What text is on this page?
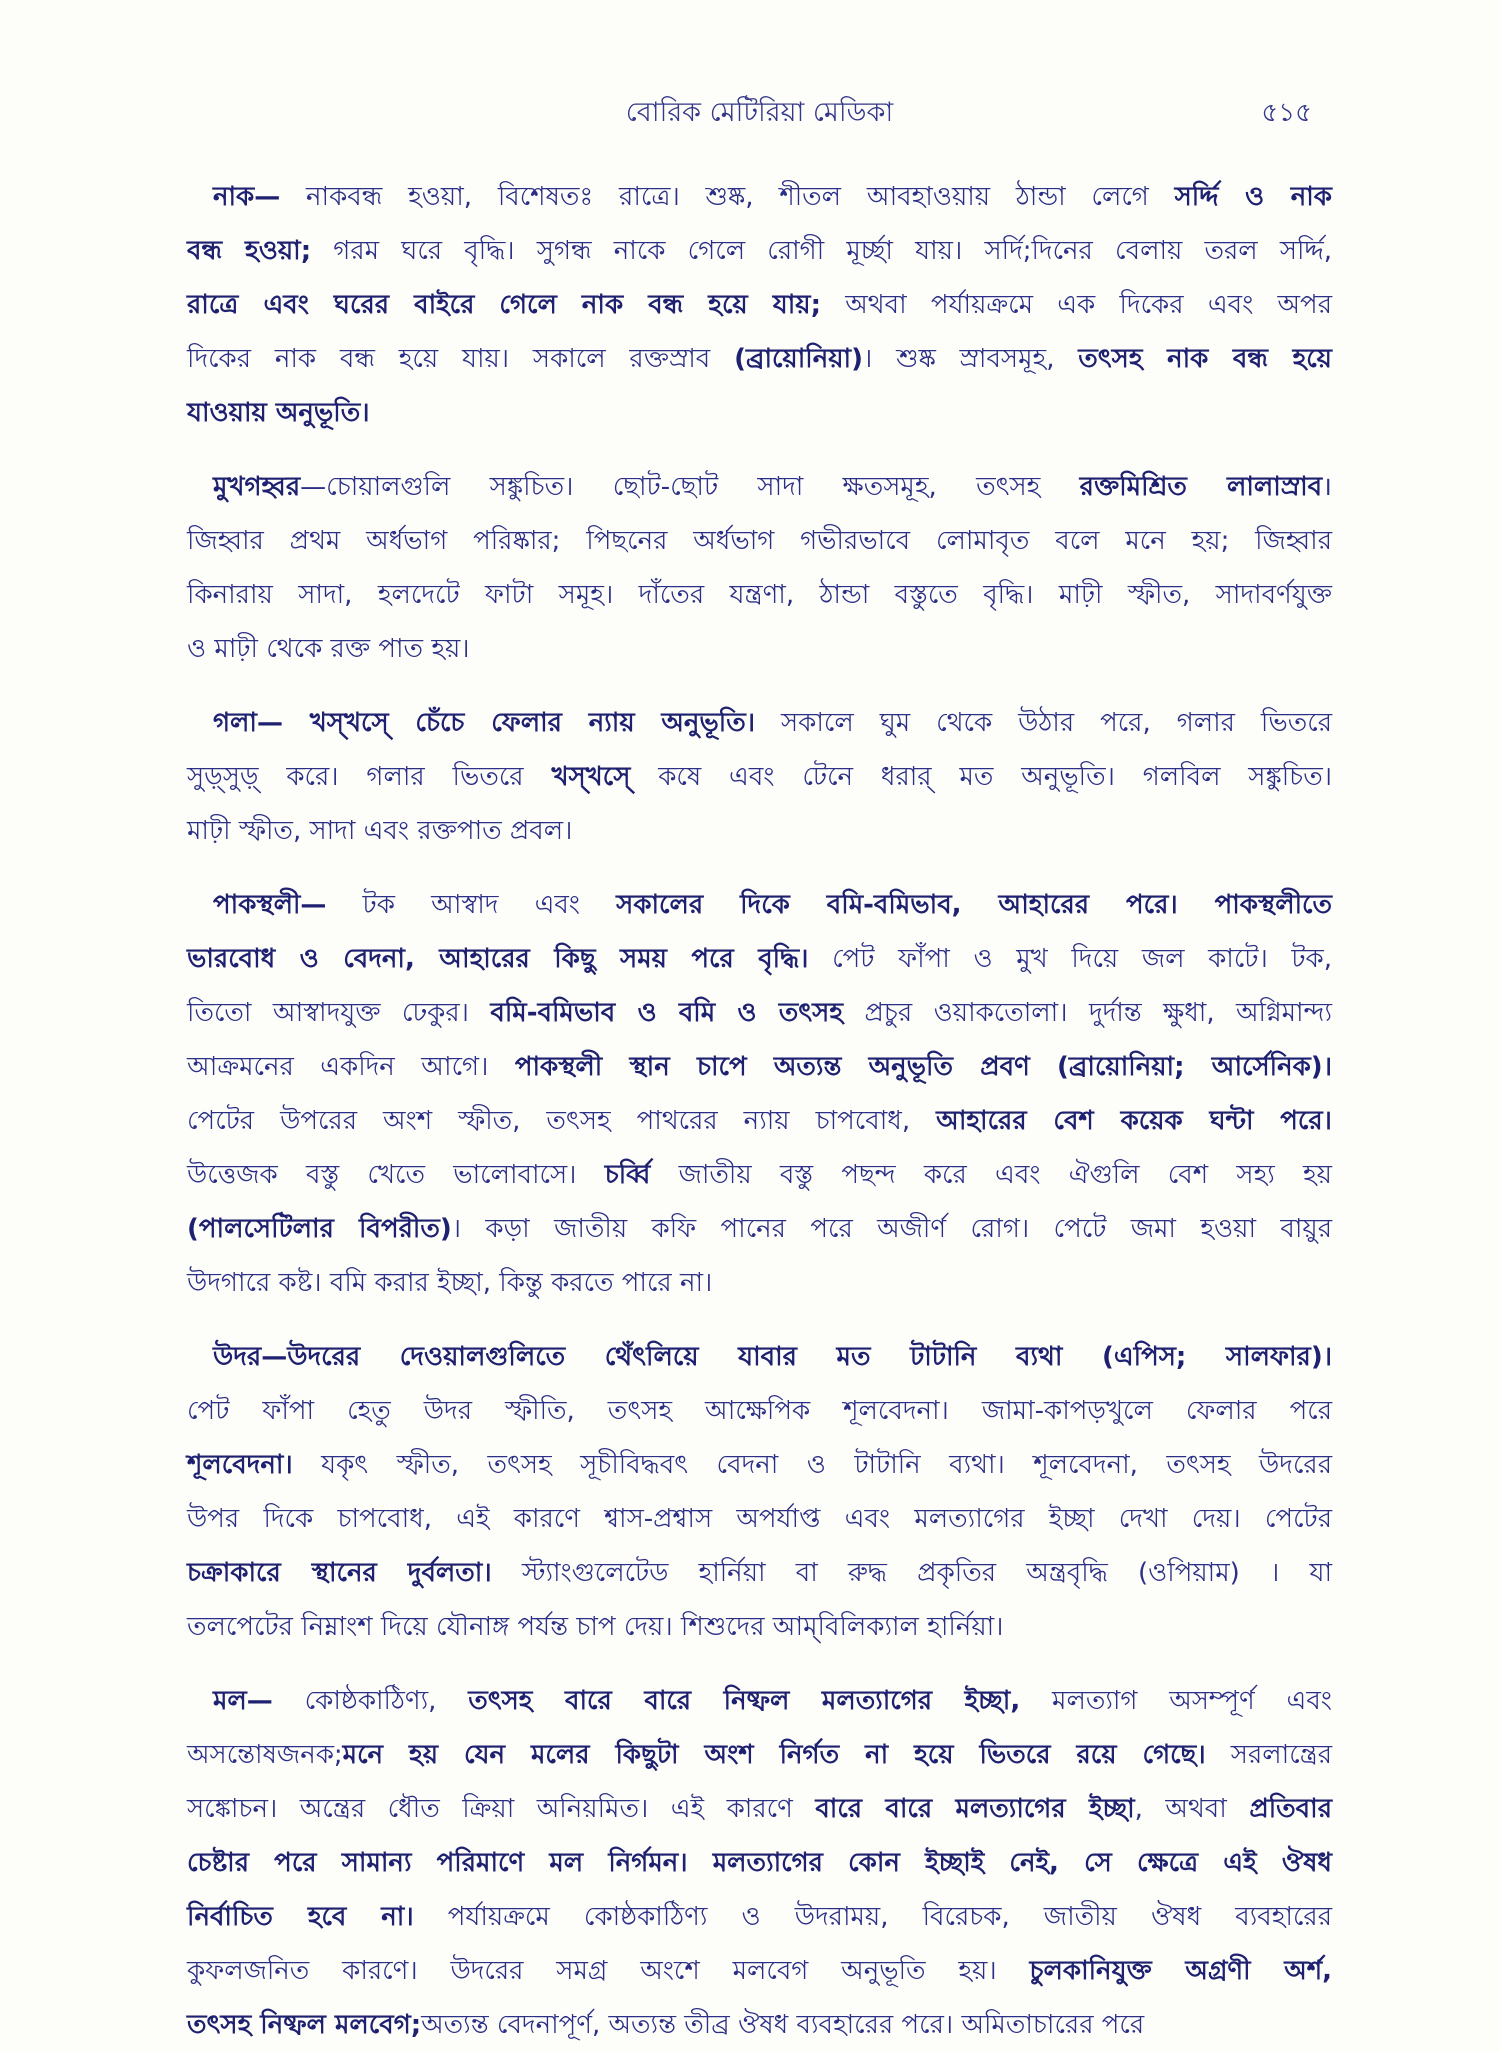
বোরিক মেটিরিয়া মেডিকা	৫১৫
নাক— নাকবন্ধ হওয়া, বিশেষতঃ রাত্রে। শুষ্ক, শীতল আবহাওয়ায় ঠান্ডা লেগে সর্দ্দি ও নাক
বন্ধ হওয়া; গরম ঘরে বৃদ্ধি। সুগন্ধ নাকে গেলে রোগী মূর্চ্ছা যায়। সর্দি;দিনের বেলায় তরল সর্দ্দি,
রাত্রে এবং ঘরের বাইরে গেলে নাক বন্ধ হয়ে যায়; অথবা পর্যায়ক্রমে এক দিকের এবং অপর
দিকের নাক বন্ধ হয়ে যায়। সকালে রক্তস্রাব (ব্রায়োনিয়া)। শুষ্ক স্রাবসমূহ, তৎসহ নাক বন্ধ হয়ে
যাওয়ায় অনুভূতি।
মুখগহ্বর—চোয়ালগুলি সঙ্কুচিত। ছোট-ছোট সাদা ক্ষতসমূহ, তৎসহ রক্তমিশ্রিত লালাস্রাব।
জিহ্বার প্রথম অর্ধভাগ পরিষ্কার; পিছনের অর্ধভাগ গভীরভাবে লোমাবৃত বলে মনে হয়; জিহ্বার
কিনারায় সাদা, হলদেটে ফাটা সমূহ। দাঁতের যন্ত্রণা, ঠান্ডা বস্তুতে বৃদ্ধি। মাঢ়ী স্ফীত, সাদাবর্ণযুক্ত
ও মাঢ়ী থেকে রক্ত পাত হয়।
গলা— খস্‌খসে্‌ চেঁচে ফেলার ন্যায় অনুভূতি। সকালে ঘুম থেকে উঠার পরে, গলার ভিতরে
সুড়্‌সুড়্‌ করে। গলার ভিতরে খস্‌খসে্‌ কষে এবং টেনে ধরার্‌ মত অনুভূতি। গলবিল সঙ্কুচিত।
মাঢ়ী স্ফীত, সাদা এবং রক্তপাত প্রবল।
পাকস্থলী— টক আস্বাদ এবং সকালের দিকে বমি-বমিভাব, আহারের পরে। পাকস্থলীতে
ভারবোধ ও বেদনা, আহারের কিছু সময় পরে বৃদ্ধি। পেট ফাঁপা ও মুখ দিয়ে জল কাটে। টক,
তিতো আস্বাদযুক্ত ঢেকুর। বমি-বমিভাব ও বমি ও তৎসহ প্রচুর ওয়াকতোলা। দুর্দান্ত ক্ষুধা, অগ্নিমান্দ্য
আক্রমনের একদিন আগে। পাকস্থলী স্থান চাপে অত্যন্ত অনুভূতি প্রবণ (ব্রায়োনিয়া; আর্সেনিক)।
পেটের উপরের অংশ স্ফীত, তৎসহ পাথরের ন্যায় চাপবোধ, আহারের বেশ কয়েক ঘন্টা পরে।
উত্তেজক বস্তু খেতে ভালোবাসে। চর্ব্বি জাতীয় বস্তু পছন্দ করে এবং ঐগুলি বেশ সহ্য হয়
(পালসেটিলার বিপরীত)। কড়া জাতীয় কফি পানের পরে অজীর্ণ রোগ। পেটে জমা হওয়া বায়ুর
উদগারে কষ্ট। বমি করার ইচ্ছা, কিন্তু করতে পারে না।
উদর—উদরের দেওয়ালগুলিতে থেঁৎলিয়ে যাবার মত টাটানি ব্যথা (এপিস; সালফার)।
পেট ফাঁপা হেতু উদর স্ফীতি, তৎসহ আক্ষেপিক শূলবেদনা। জামা-কাপড়খুলে ফেলার পরে
শূলবেদনা। যকৃৎ স্ফীত, তৎসহ সূচীবিদ্ধবৎ বেদনা ও টাটানি ব্যথা। শূলবেদনা, তৎসহ উদরের
উপর দিকে চাপবোধ, এই কারণে শ্বাস-প্রশ্বাস অপর্যাপ্ত এবং মলত্যাগের ইচ্ছা দেখা দেয়। পেটের
চক্রাকারে স্থানের দুর্বলতা। স্ট্যাংগুলেটেড হার্নিয়া বা রুদ্ধ প্রকৃতির অন্ত্রবৃদ্ধি (ওপিয়াম) । যা
তলপেটের নিম্নাংশ দিয়ে যৌনাঙ্গ পর্যন্ত চাপ দেয়। শিশুদের আম্‌বিলিক্যাল হার্নিয়া।
মল— কোষ্ঠকাঠিণ্য, তৎসহ বারে বারে নিষ্ফল মলত্যাগের ইচ্ছা, মলত্যাগ অসম্পূর্ণ এবং
অসন্তোষজনক;মনে হয় যেন মলের কিছুটা অংশ নির্গত না হয়ে ভিতরে রয়ে গেছে। সরলান্ত্রের
সঙ্কোচন। অন্ত্রের ধৌত ক্রিয়া অনিয়মিত। এই কারণে বারে বারে মলত্যাগের ইচ্ছা, অথবা প্রতিবার
চেষ্টার পরে সামান্য পরিমাণে মল নির্গমন। মলত্যাগের কোন ইচ্ছাই নেই, সে ক্ষেত্রে এই ঔষধ
নির্বাচিত হবে না। পর্যায়ক্রমে কোষ্ঠকাঠিণ্য ও উদরাময়, বিরেচক, জাতীয় ঔষধ ব্যবহারের
কুফলজনিত কারণে। উদরের সমগ্র অংশে মলবেগ অনুভূতি হয়। চুলকানিযুক্ত অগ্রণী অর্শ,
তৎসহ নিষ্ফল মলবেগ;অত্যন্ত বেদনাপূর্ণ, অত্যন্ত তীব্র ঔষধ ব্যবহারের পরে। অমিতাচারের পরে
